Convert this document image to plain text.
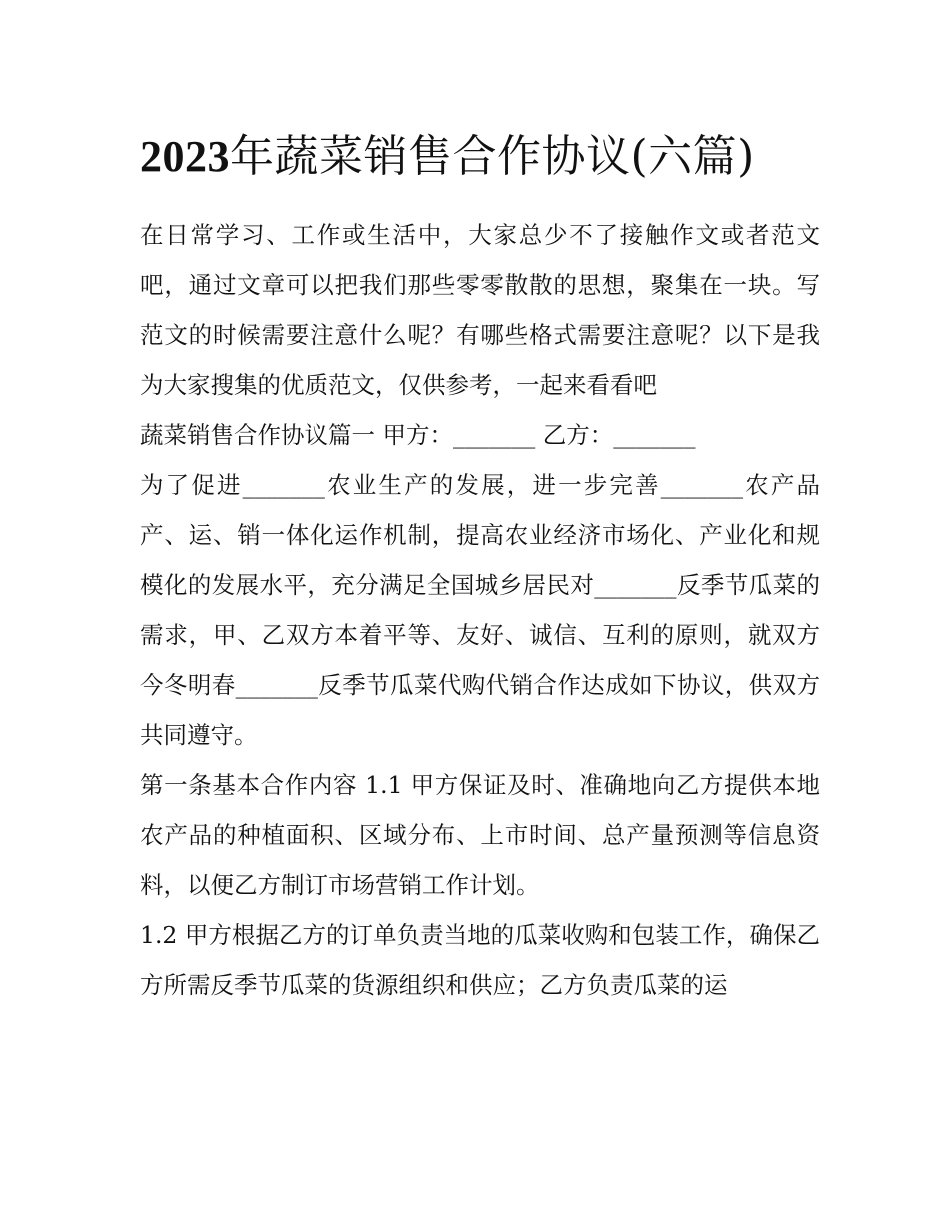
2023年蔬菜销售合作协议(六篇)

在日常学习、工作或生活中，大家总少不了接触作文或者范文吧，通过文章可以把我们那些零零散散的思想，聚集在一块。写范文的时候需要注意什么呢？有哪些格式需要注意呢？以下是我为大家搜集的优质范文，仅供参考，一起来看看吧

蔬菜销售合作协议篇一 甲方：_______ 乙方：_______

为了促进_______农业生产的发展，进一步完善_______农产品产、运、销一体化运作机制，提高农业经济市场化、产业化和规模化的发展水平，充分满足全国城乡居民对_______反季节瓜菜的需求，甲、乙双方本着平等、友好、诚信、互利的原则，就双方今冬明春_______反季节瓜菜代购代销合作达成如下协议，供双方共同遵守。

第一条基本合作内容 1.1 甲方保证及时、准确地向乙方提供本地农产品的种植面积、区域分布、上市时间、总产量预测等信息资料，以便乙方制订市场营销工作计划。

1.2 甲方根据乙方的订单负责当地的瓜菜收购和包装工作，确保乙方所需反季节瓜菜的货源组织和供应；乙方负责瓜菜的运
